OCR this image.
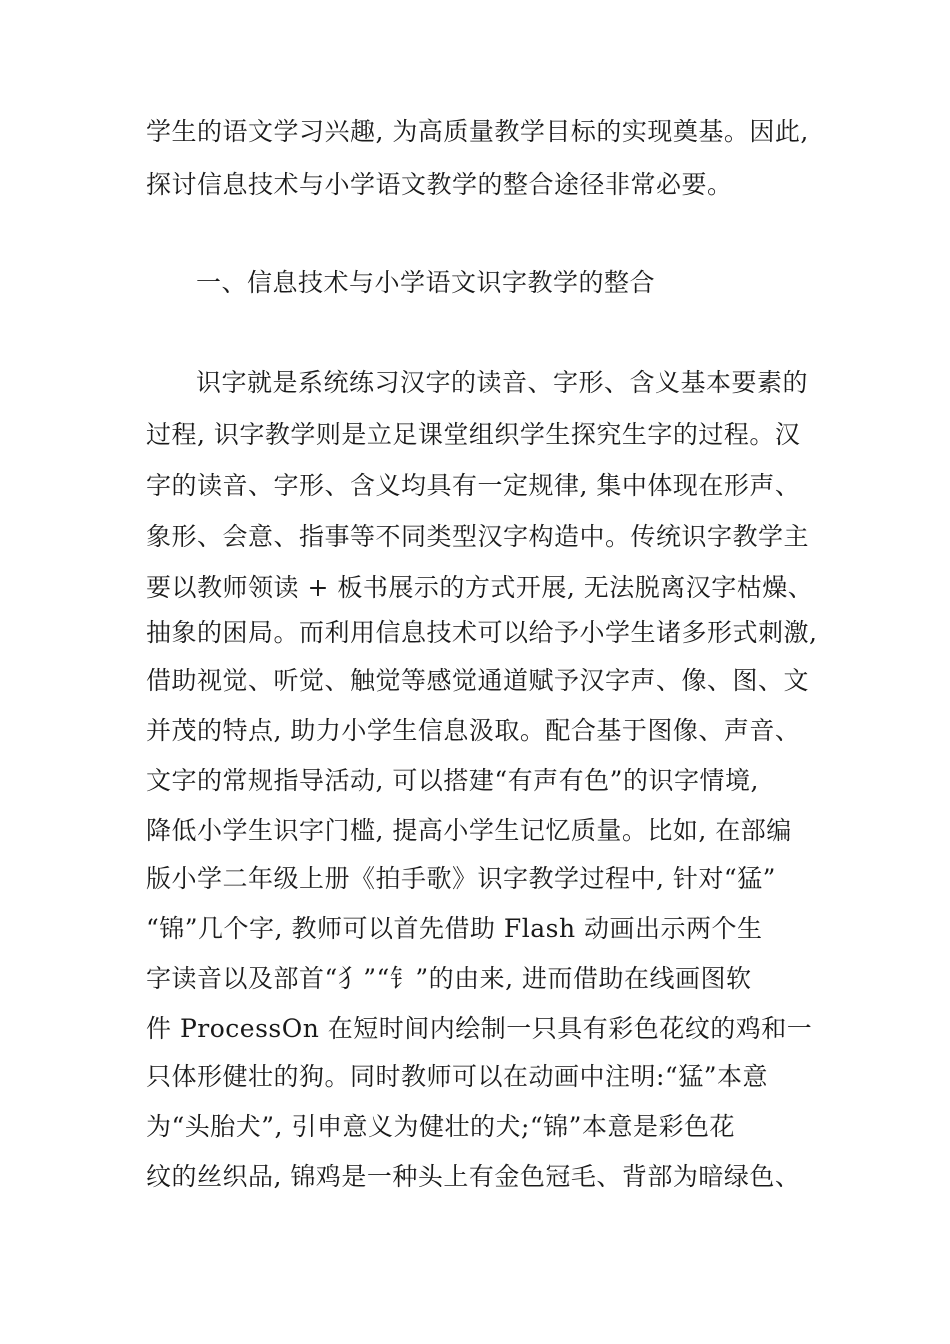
学生的语文学习兴趣, 为高质量教学目标的实现奠基。因此,
探讨信息技术与小学语文教学的整合途径非常必要。
一、信息技术与小学语文识字教学的整合
识字就是系统练习汉字的读音、字形、含义基本要素的
过程, 识字教学则是立足课堂组织学生探究生字的过程。汉
字的读音、字形、含义均具有一定规律, 集中体现在形声、
象形、会意、指事等不同类型汉字构造中。传统识字教学主
要以教师领读 + 板书展示的方式开展, 无法脱离汉字枯燥、
抽象的困局。而利用信息技术可以给予小学生诸多形式刺激,
借助视觉、听觉、触觉等感觉通道赋予汉字声、像、图、文
并茂的特点, 助力小学生信息汲取。配合基于图像、声音、
文字的常规指导活动, 可以搭建“有声有色”的识字情境,
降低小学生识字门槛, 提高小学生记忆质量。比如, 在部编
版小学二年级上册《拍手歌》识字教学过程中, 针对“猛”
“锦”几个字, 教师可以首先借助 Flash 动画出示两个生
字读音以及部首“犭”“钅”的由来, 进而借助在线画图软
件 ProcessOn 在短时间内绘制一只具有彩色花纹的鸡和一
只体形健壮的狗。同时教师可以在动画中注明:“猛”本意
为“头胎犬”, 引申意义为健壮的犬;“锦”本意是彩色花
纹的丝织品, 锦鸡是一种头上有金色冠毛、背部为暗绿色、
